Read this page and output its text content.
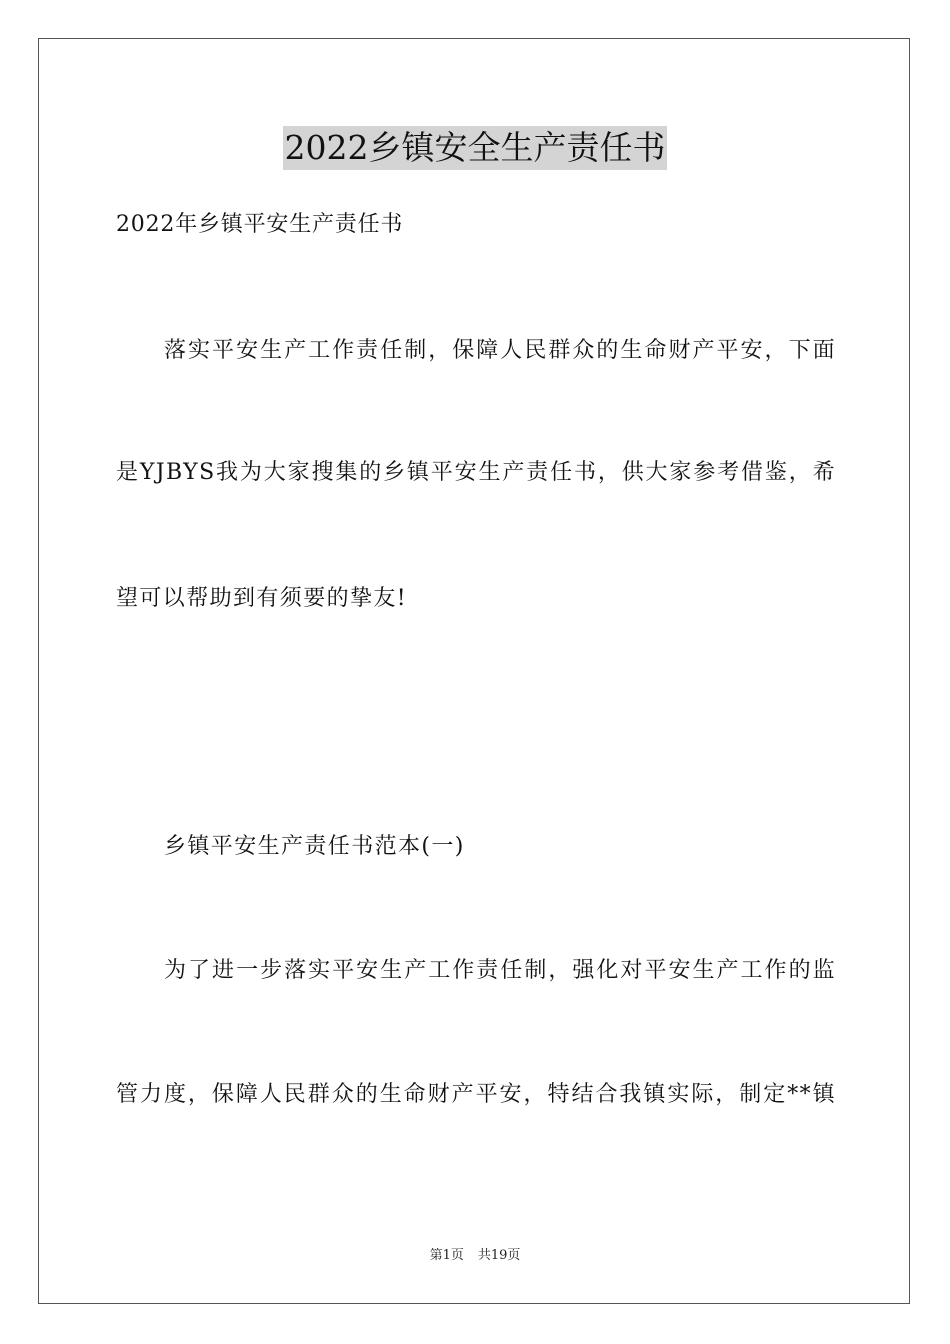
2022乡镇安全生产责任书
2022年乡镇平安生产责任书
落实平安生产工作责任制，保障人民群众的生命财产平安，下面
是YJBYS我为大家搜集的乡镇平安生产责任书，供大家参考借鉴，希
望可以帮助到有须要的挚友!
乡镇平安生产责任书范本(一)
为了进一步落实平安生产工作责任制，强化对平安生产工作的监
管力度，保障人民群众的生命财产平安，特结合我镇实际，制定**镇
第1页 共19页
